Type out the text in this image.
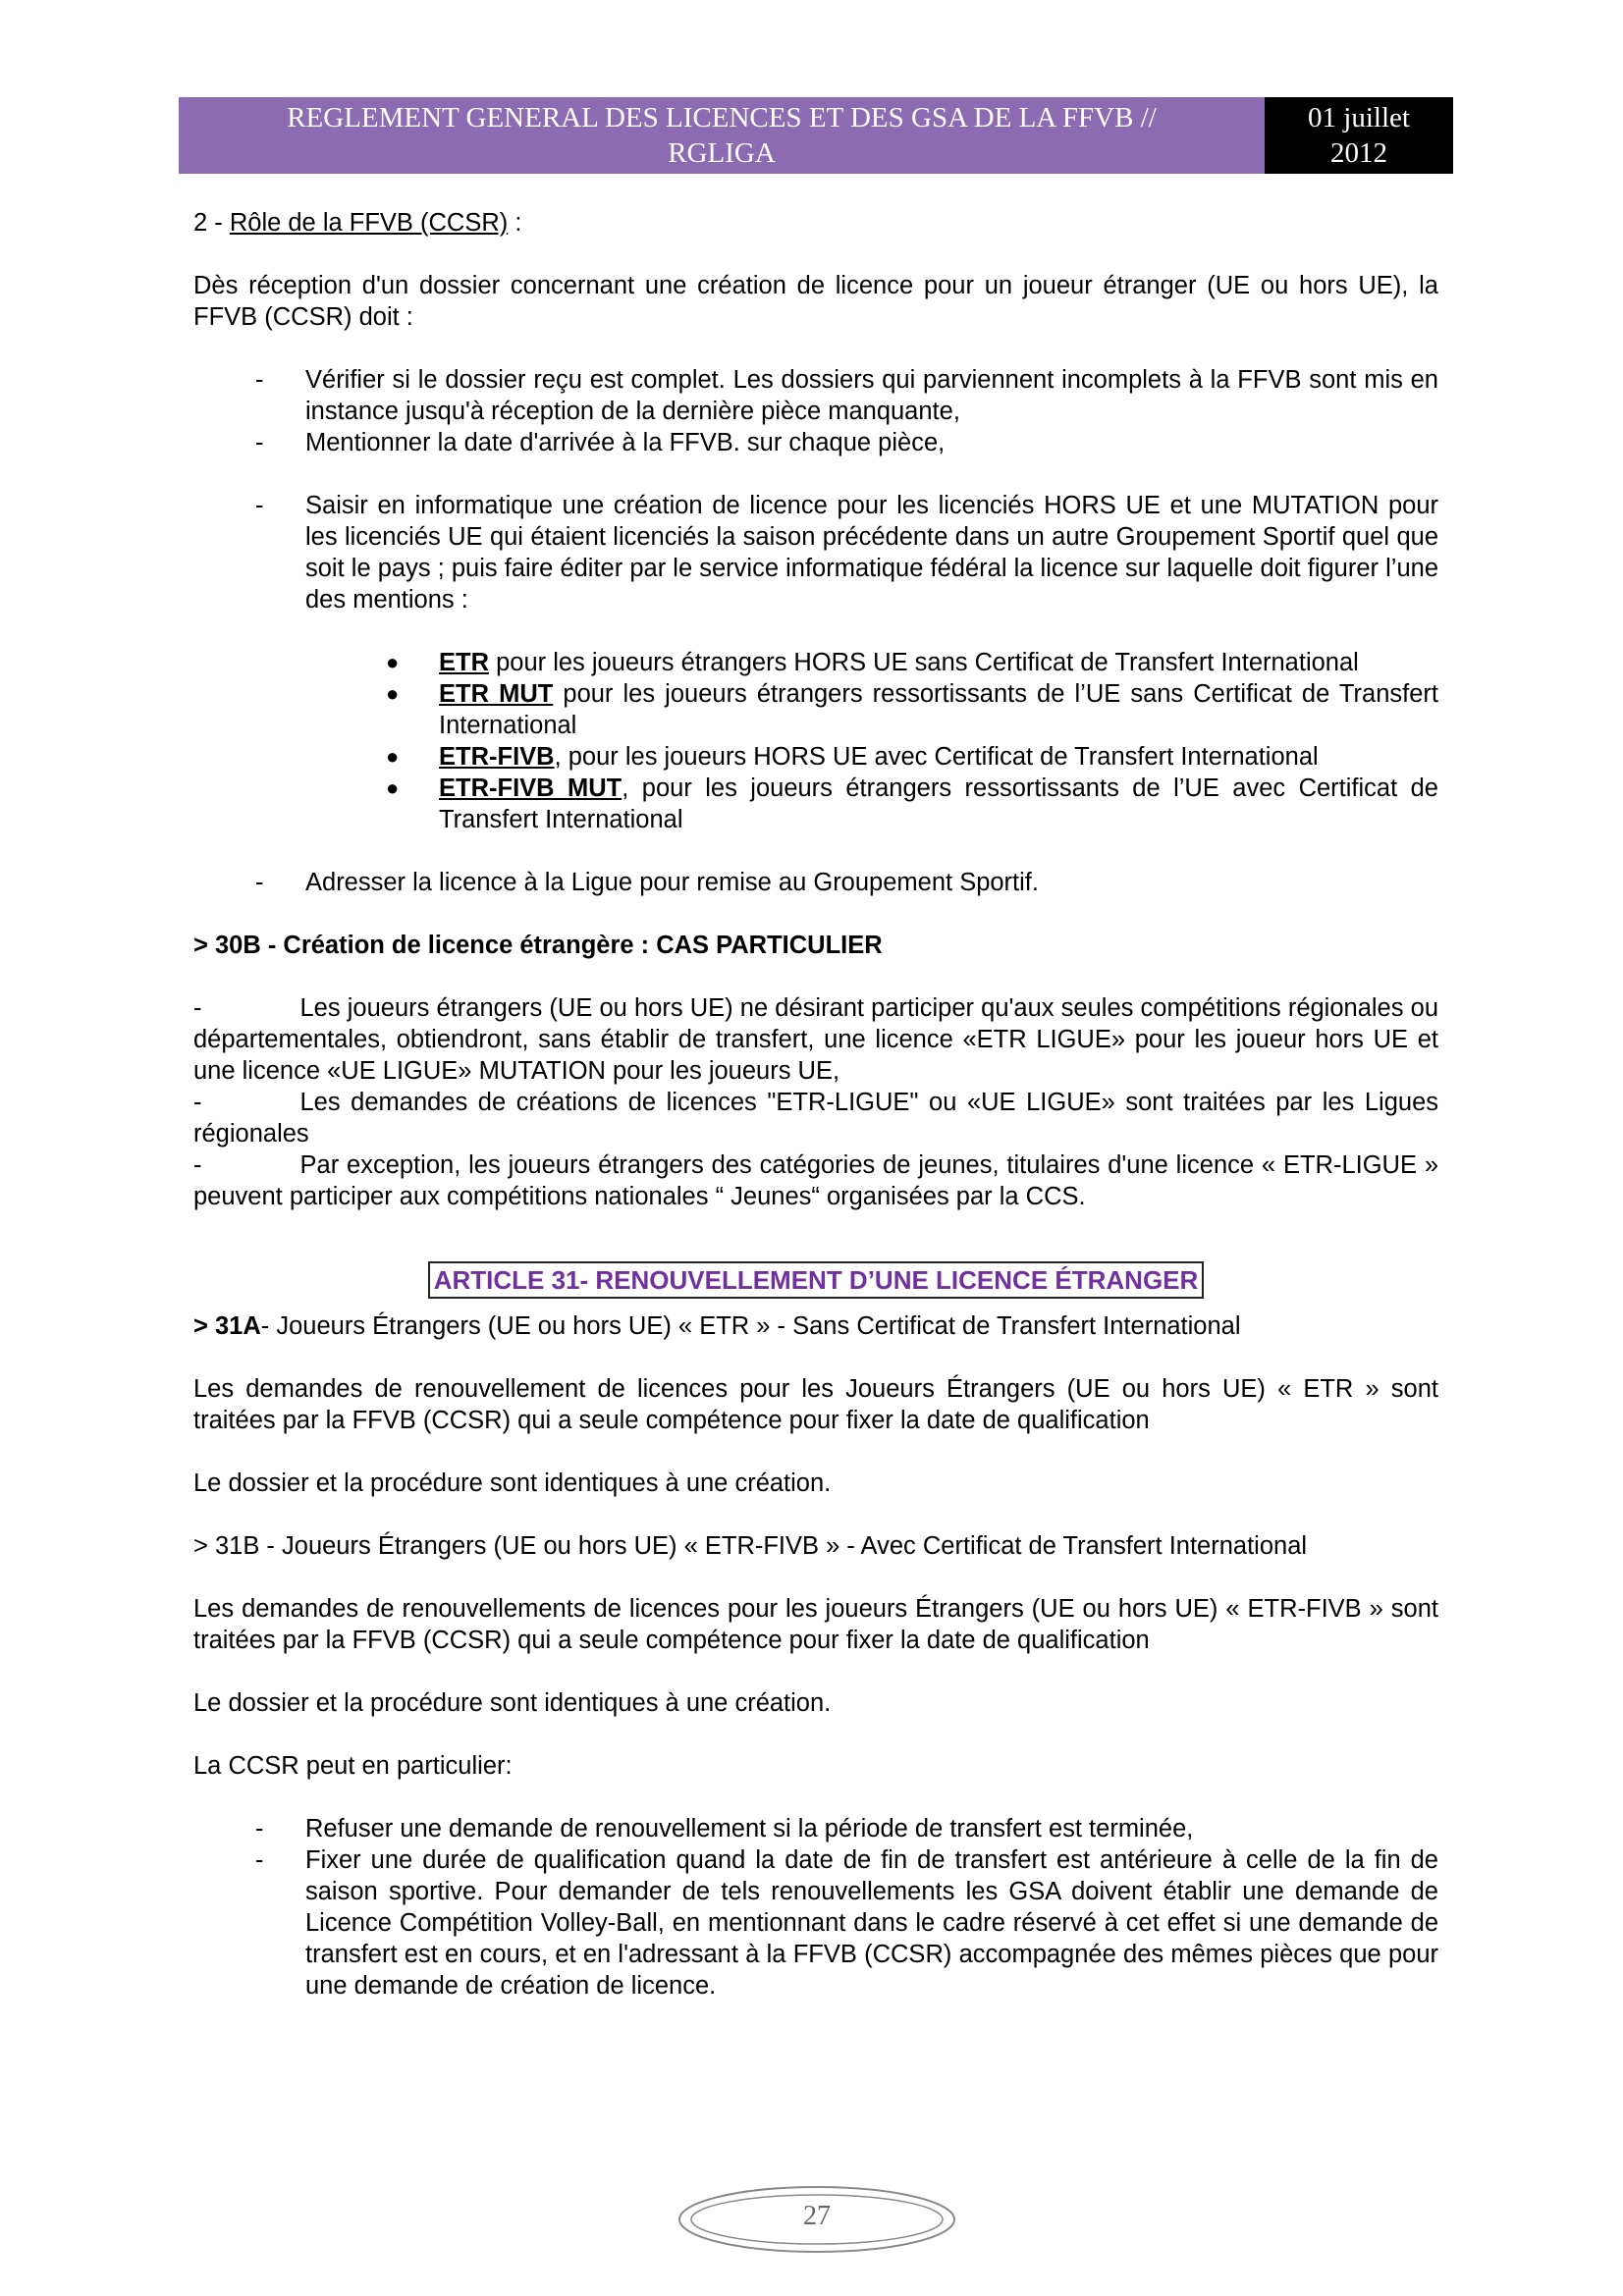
REGLEMENT GENERAL DES LICENCES ET DES GSA DE LA FFVB //
RGLIGA
01 juillet
2012

2 - Rôle de la FFVB (CCSR) :

Dès réception d'un dossier concernant une création de licence pour un joueur étranger (UE ou hors UE), la FFVB (CCSR) doit :

- Vérifier si le dossier reçu est complet. Les dossiers qui parviennent incomplets à la FFVB sont mis en instance jusqu'à réception de la dernière pièce manquante,
- Mentionner la date d'arrivée à la FFVB. sur chaque pièce,
- Saisir en informatique une création de licence pour les licenciés HORS UE et une MUTATION pour les licenciés UE qui étaient licenciés la saison précédente dans un autre Groupement Sportif quel que soit le pays ; puis faire éditer par le service informatique fédéral la licence sur laquelle doit figurer l’une des mentions :
● ETR pour les joueurs étrangers HORS UE sans Certificat de Transfert International
● ETR MUT pour les joueurs étrangers ressortissants de l’UE sans Certificat de Transfert International
● ETR-FIVB, pour les joueurs HORS UE avec Certificat de Transfert International
● ETR-FIVB MUT, pour les joueurs étrangers ressortissants de l’UE avec Certificat de Transfert International
- Adresser la licence à la Ligue pour remise au Groupement Sportif.

> 30B - Création de licence étrangère : CAS PARTICULIER

-	Les joueurs étrangers (UE ou hors UE) ne désirant participer qu'aux seules compétitions régionales ou départementales, obtiendront, sans établir de transfert, une licence «ETR LIGUE» pour les joueur hors UE et une licence «UE LIGUE» MUTATION pour les joueurs UE,

-	Les demandes de créations de licences "ETR-LIGUE" ou «UE LIGUE» sont traitées par les Ligues régionales

-	Par exception, les joueurs étrangers des catégories de jeunes, titulaires d'une licence « ETR-LIGUE » peuvent participer aux compétitions nationales “ Jeunes“ organisées par la CCS.

ARTICLE 31- RENOUVELLEMENT D’UNE LICENCE ÉTRANGER

> 31A- Joueurs Étrangers (UE ou hors UE) « ETR » - Sans Certificat de Transfert International

Les demandes de renouvellement de licences pour les Joueurs Étrangers (UE ou hors UE) « ETR » sont traitées par la FFVB (CCSR) qui a seule compétence pour fixer la date de qualification

Le dossier et la procédure sont identiques à une création.

> 31B - Joueurs Étrangers (UE ou hors UE) « ETR-FIVB » - Avec Certificat de Transfert International

Les demandes de renouvellements de licences pour les joueurs Étrangers (UE ou hors UE) « ETR-FIVB » sont traitées par la FFVB (CCSR) qui a seule compétence pour fixer la date de qualification

Le dossier et la procédure sont identiques à une création.

La CCSR peut en particulier:

- Refuser une demande de renouvellement si la période de transfert est terminée,
- Fixer une durée de qualification quand la date de fin de transfert est antérieure à celle de la fin de saison sportive. Pour demander de tels renouvellements les GSA doivent établir une demande de Licence Compétition Volley-Ball, en mentionnant dans le cadre réservé à cet effet si une demande de transfert est en cours, et en l'adressant à la FFVB (CCSR) accompagnée des mêmes pièces que pour une demande de création de licence.
27
